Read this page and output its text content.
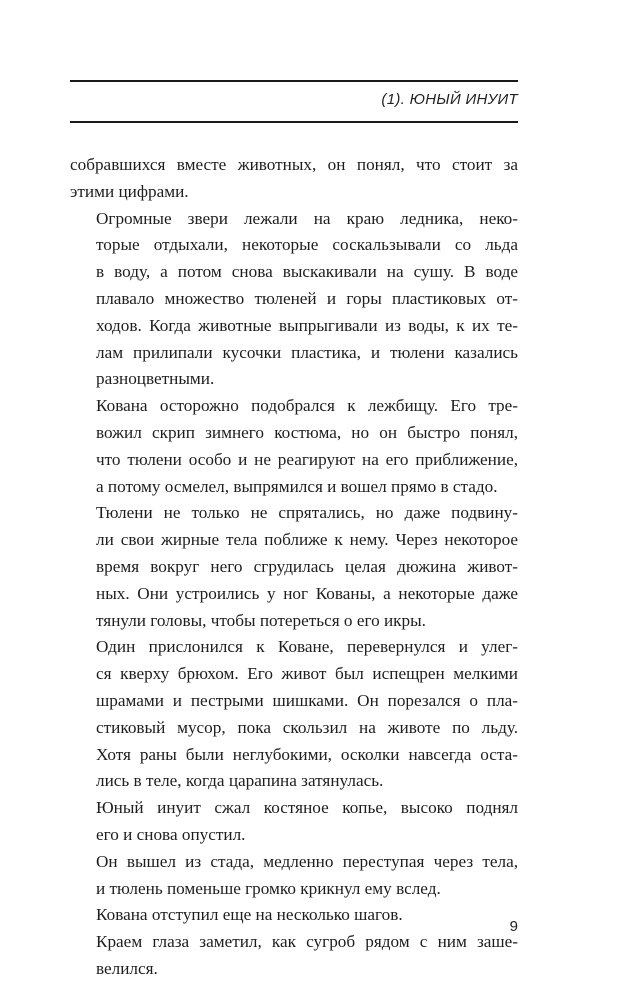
(1). ЮНЫЙ ИНУИТ

собравшихся вместе животных, он понял, что стоит за
этими цифрами.

Огромные звери лежали на краю ледника, неко-
торые отдыхали, некоторые соскальзывали со льда
в воду, а потом снова выскакивали на сушу. В воде
плавало множество тюленей и горы пластиковых от-
ходов. Когда животные выпрыгивали из воды, к их те-
лам прилипали кусочки пластика, и тюлени казались
разноцветными.

Кована осторожно подобрался к лежбищу. Его тре-
вожил скрип зимнего костюма, но он быстро понял,
что тюлени особо и не реагируют на его приближение,
а потому осмелел, выпрямился и вошел прямо в стадо.

Тюлени не только не спрятались, но даже подвину-
ли свои жирные тела поближе к нему. Через некоторое
время вокруг него сгрудилась целая дюжина живот-
ных. Они устроились у ног Кованы, а некоторые даже
тянули головы, чтобы потереться о его икры.

Один прислонился к Коване, перевернулся и улег-
ся кверху брюхом. Его живот был испещрен мелкими
шрамами и пестрыми шишками. Он порезался о пла-
стиковый мусор, пока скользил на животе по льду.
Хотя раны были неглубокими, осколки навсегда оста-
лись в теле, когда царапина затянулась.

Юный инуит сжал костяное копье, высоко поднял
его и снова опустил.

Он вышел из стада, медленно переступая через тела,
и тюлень поменьше громко крикнул ему вслед.

Кована отступил еще на несколько шагов.

Краем глаза заметил, как сугроб рядом с ним заше-
велился.

9
